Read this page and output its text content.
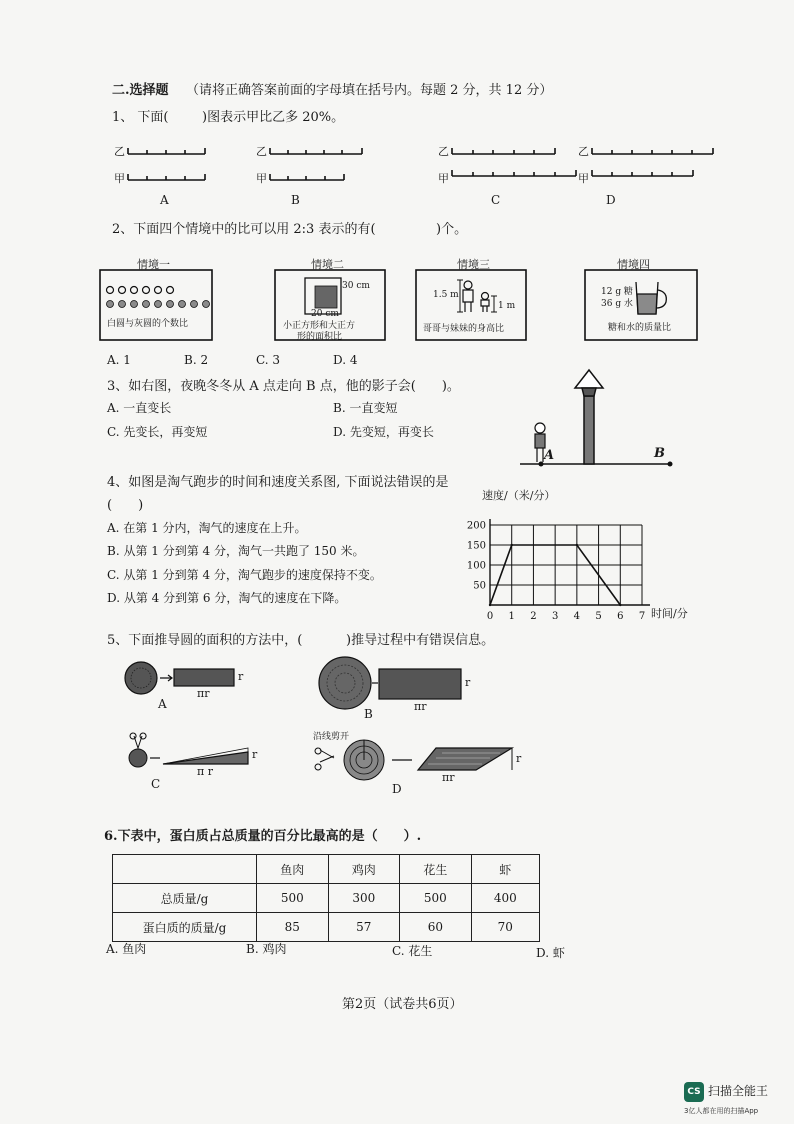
二.选择题 （请将正确答案前面的字母填在括号内。每题 2 分，共 12 分）
1、 下面(	)图表示甲比乙多 20%。
乙
甲
乙
甲
乙
甲
乙
甲
A	B	C	D
2、下面四个情境中的比可以用 2:3 表示的有(	)个。
情境一	情境二	情境三	情境四
30 cm
20 cm
小正方形和大正方
形的面积比
白圆与灰圆的个数比
1.5 m
1 m
哥哥与妹妹的身高比
12 g 糖
36 g 水
糖和水的质量比
A. 1	B. 2	C. 3	D. 4
3、如右图，夜晚冬冬从 A 点走向 B 点，他的影子会(　　)。
A. 一直变长	B. 一直变短
C. 先变长，再变短	D. 先变短，再变长
A	B
4、如图是淘气跑步的时间和速度关系图, 下面说法错误的是
(　　)
A. 在第 1 分内，淘气的速度在上升。
B. 从第 1 分到第 4 分，淘气一共跑了 150 米。
C. 从第 1 分到第 4 分，淘气跑步的速度保持不变。
D. 从第 4 分到第 6 分，淘气的速度在下降。
速度/（米/分）
时间/分
0 1 2 3 4 5 6 7
50
100
150
200
5、下面推导圆的面积的方法中，(	)推导过程中有错误信息。
πr
r
πr
r
π r
r
πr
r
沿线剪开
A
B
C	D
6.下表中，蛋白质占总质量的百分比最高的是（　　）.
	鱼肉	鸡肉	花生	虾
总质量/g	500	300	500	400
蛋白质的质量/g	85	57	60	70
A. 鱼肉	B. 鸡肉	C. 花生	D. 虾
第2页（试卷共6页）
CS 扫描全能王
3亿人都在用的扫描App
